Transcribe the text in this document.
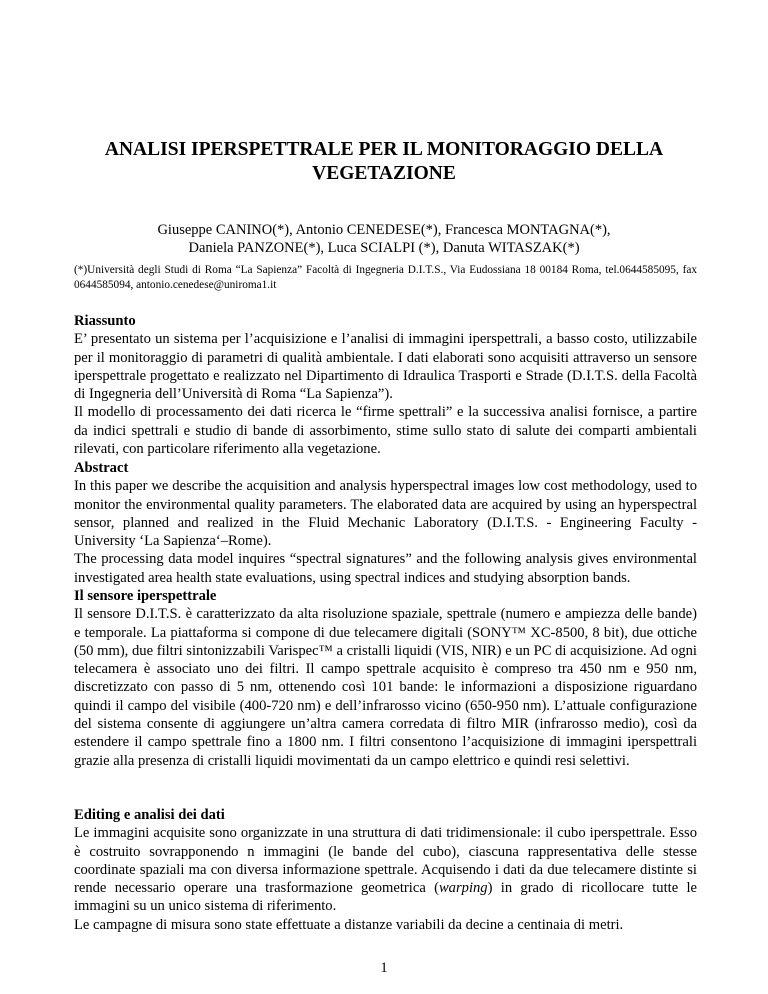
ANALISI IPERSPETTRALE PER IL MONITORAGGIO DELLA
VEGETAZIONE
Giuseppe CANINO(*), Antonio CENEDESE(*), Francesca MONTAGNA(*),
Daniela PANZONE(*), Luca SCIALPI (*), Danuta WITASZAK(*)
(*)Università degli Studi di Roma “La Sapienza” Facoltà di Ingegneria D.I.T.S., Via Eudossiana 18 00184 Roma, tel.0644585095, fax 0644585094, antonio.cenedese@uniroma1.it
Riassunto

E’ presentato un sistema per l’acquisizione e l’analisi di immagini iperspettrali, a basso costo, utilizzabile per il monitoraggio di parametri di qualità ambientale. I dati elaborati sono acquisiti attraverso un sensore iperspettrale progettato e realizzato nel Dipartimento di Idraulica Trasporti e Strade (D.I.T.S. della Facoltà di Ingegneria dell’Università di Roma “La Sapienza”).

Il modello di processamento dei dati ricerca le “firme spettrali” e la successiva analisi fornisce, a partire da indici spettrali e studio di bande di assorbimento, stime sullo stato di salute dei comparti ambientali rilevati, con particolare riferimento alla vegetazione.

Abstract

In this paper we describe the acquisition and analysis hyperspectral images low cost methodology, used to monitor the environmental quality parameters. The elaborated data are acquired by using an hyperspectral sensor, planned and realized in the Fluid Mechanic Laboratory (D.I.T.S. - Engineering Faculty - University ‘La Sapienza‘–Rome).

The processing data model inquires “spectral signatures” and the following analysis gives environmental investigated area health state evaluations, using spectral indices and studying absorption bands.

Il sensore iperspettrale

Il sensore D.I.T.S. è caratterizzato da alta risoluzione spaziale, spettrale (numero e ampiezza delle bande) e temporale. La piattaforma si compone di due telecamere digitali (SONY™ XC-8500, 8 bit), due ottiche (50 mm), due filtri sintonizzabili Varispec™ a cristalli liquidi (VIS, NIR) e un PC di acquisizione. Ad ogni telecamera è associato uno dei filtri. Il campo spettrale acquisito è compreso tra 450 nm e 950 nm, discretizzato con passo di 5 nm, ottenendo così 101 bande: le informazioni a disposizione riguardano quindi il campo del visibile (400-720 nm) e dell’infrarosso vicino (650-950 nm). L’attuale configurazione del sistema consente di aggiungere un’altra camera corredata di filtro MIR (infrarosso medio), così da estendere il campo spettrale fino a 1800 nm. I filtri consentono l’acquisizione di immagini iperspettrali grazie alla presenza di cristalli liquidi movimentati da un campo elettrico e quindi resi selettivi.

Editing e analisi dei dati

Le immagini acquisite sono organizzate in una struttura di dati tridimensionale: il cubo iperspettrale. Esso è costruito sovrapponendo n immagini (le bande del cubo), ciascuna rappresentativa delle stesse coordinate spaziali ma con diversa informazione spettrale. Acquisendo i dati da due telecamere distinte si rende necessario operare una trasformazione geometrica (warping) in grado di ricollocare tutte le immagini su un unico sistema di riferimento.

Le campagne di misura sono state effettuate a distanze variabili da decine a centinaia di metri.

1
